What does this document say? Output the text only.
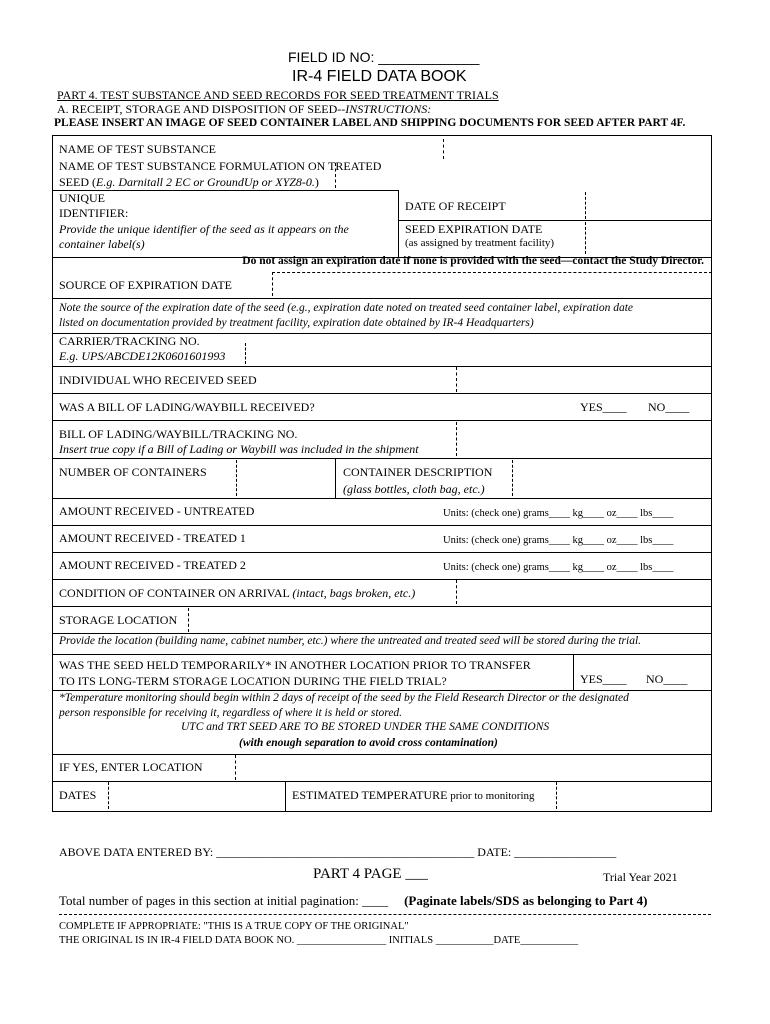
FIELD ID NO: _____________
IR-4 FIELD DATA BOOK
PART 4. TEST SUBSTANCE AND SEED RECORDS FOR SEED TREATMENT TRIALS
A. RECEIPT, STORAGE AND DISPOSITION OF SEED--INSTRUCTIONS:
PLEASE INSERT AN IMAGE OF SEED CONTAINER LABEL AND SHIPPING DOCUMENTS FOR SEED AFTER PART 4F.
NAME OF TEST SUBSTANCE
NAME OF TEST SUBSTANCE FORMULATION ON TREATED
SEED (E.g. Darnitall 2 EC or GroundUp or XYZ8-0.)
UNIQUE
IDENTIFIER:
Provide the unique identifier of the seed as it appears on the
container label(s)
DATE OF RECEIPT
SEED EXPIRATION DATE
(as assigned by treatment facility)
Do not assign an expiration date if none is provided with the seed—contact the Study Director.
SOURCE OF EXPIRATION DATE
Note the source of the expiration date of the seed (e.g., expiration date noted on treated seed container label, expiration date
listed on documentation provided by treatment facility, expiration date obtained by IR-4 Headquarters)
CARRIER/TRACKING NO.
E.g. UPS/ABCDE12K0601601993
INDIVIDUAL WHO RECEIVED SEED
WAS A BILL OF LADING/WAYBILL RECEIVED?	YES____ NO____
BILL OF LADING/WAYBILL/TRACKING NO.
Insert true copy if a Bill of Lading or Waybill was included in the shipment
NUMBER OF CONTAINERS	CONTAINER DESCRIPTION
(glass bottles, cloth bag, etc.)
AMOUNT RECEIVED - UNTREATED	Units: (check one) grams____ kg____ oz____ lbs____
AMOUNT RECEIVED - TREATED 1	Units: (check one) grams____ kg____ oz____ lbs____
AMOUNT RECEIVED - TREATED 2	Units: (check one) grams____ kg____ oz____ lbs____
CONDITION OF CONTAINER ON ARRIVAL (intact, bags broken, etc.)
STORAGE LOCATION
Provide the location (building name, cabinet number, etc.) where the untreated and treated seed will be stored during the trial.
WAS THE SEED HELD TEMPORARILY* IN ANOTHER LOCATION PRIOR TO TRANSFER
TO ITS LONG-TERM STORAGE LOCATION DURING THE FIELD TRIAL?	YES____ NO____
*Temperature monitoring should begin within 2 days of receipt of the seed by the Field Research Director or the designated
person responsible for receiving it, regardless of where it is held or stored.
UTC and TRT SEED ARE TO BE STORED UNDER THE SAME CONDITIONS
(with enough separation to avoid cross contamination)
IF YES, ENTER LOCATION
DATES	ESTIMATED TEMPERATURE prior to monitoring
ABOVE DATA ENTERED BY: ___________________________________________ DATE: _________________
PART 4 PAGE ___	Trial Year 2021
Total number of pages in this section at initial pagination: ____ (Paginate labels/SDS as belonging to Part 4)
COMPLETE IF APPROPRIATE: "THIS IS A TRUE COPY OF THE ORIGINAL"
THE ORIGINAL IS IN IR-4 FIELD DATA BOOK NO. _________________ INITIALS ___________DATE___________
